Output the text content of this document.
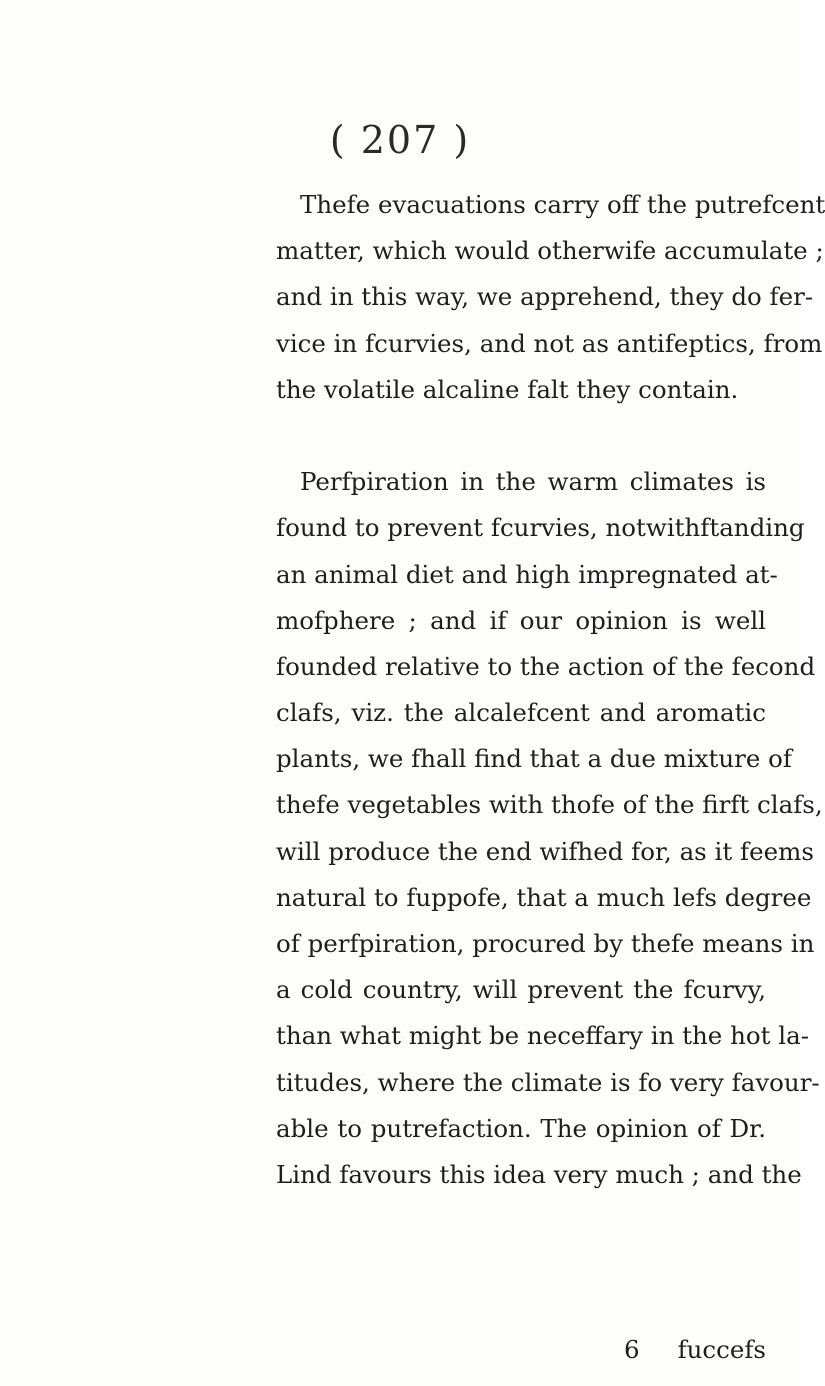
( 207 )
Thefe evacuations carry off the putrefcent
matter, which would otherwife accumulate ;
and in this way, we apprehend, they do fer-
vice in fcurvies, and not as antifeptics, from
the volatile alcaline falt they contain.
Perfpiration in the warm climates is
found to prevent fcurvies, notwithftanding
an animal diet and high impregnated at-
mofphere ; and if our opinion is well
founded relative to the action of the fecond
clafs, viz. the alcalefcent and aromatic
plants, we fhall find that a due mixture of
thefe vegetables with thofe of the firft clafs,
will produce the end wifhed for, as it feems
natural to fuppofe, that a much lefs degree
of perfpiration, procured by thefe means in
a cold country, will prevent the fcurvy,
than what might be neceffary in the hot la-
titudes, where the climate is fo very favour-
able to putrefaction. The opinion of Dr.
Lind favours this idea very much ; and the
6 fuccefs
